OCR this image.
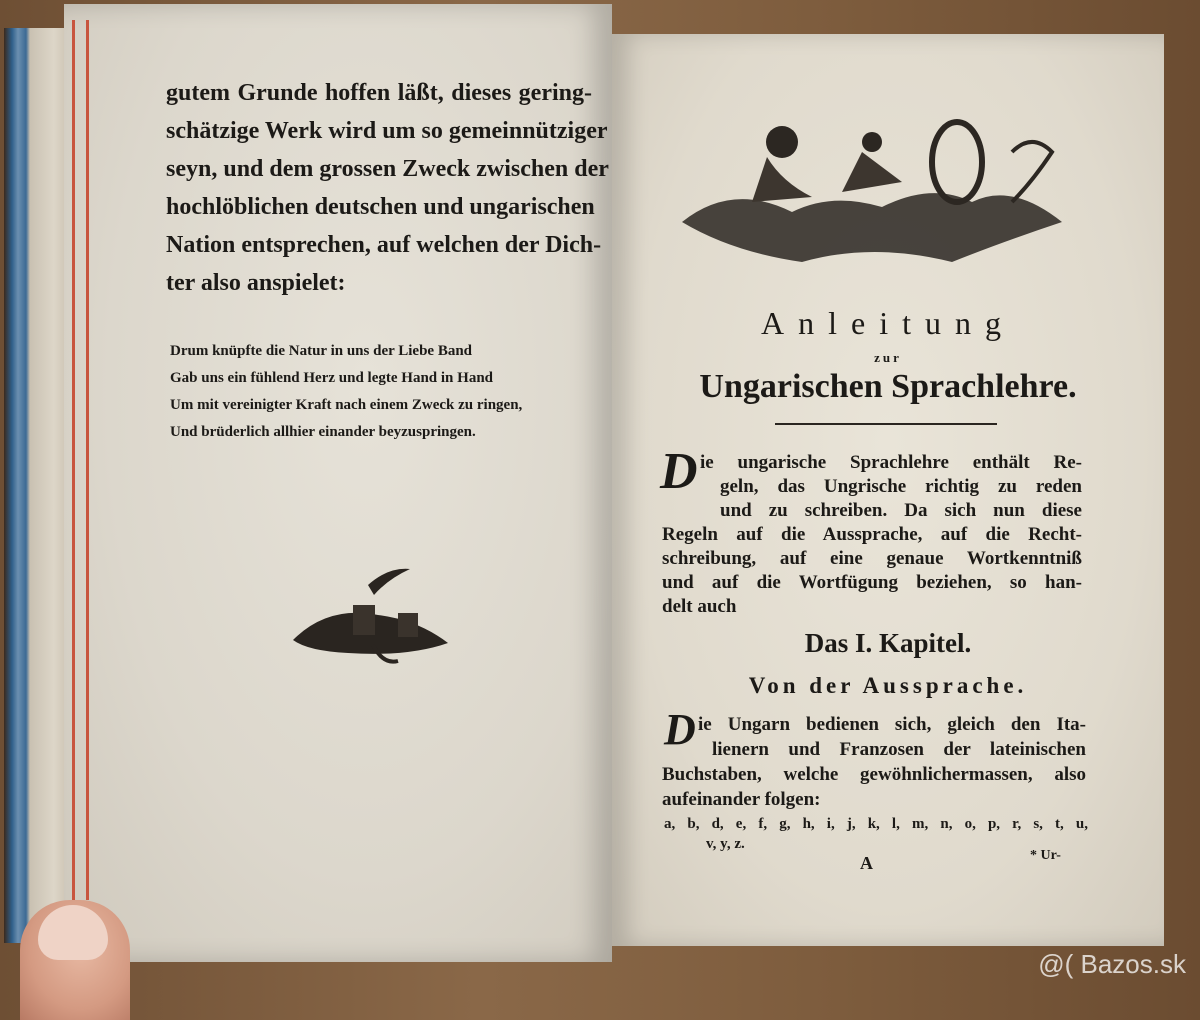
gutem Grunde hoffen läßt, dieses gering-
schätzige Werk wird um so gemeinnütziger
seyn, und dem grossen Zweck zwischen der
hochlöblichen deutschen und ungarischen
Nation entsprechen, auf welchen der Dich-
ter also anspielet:
Drum knüpfte die Natur in uns der Liebe Band
Gab uns ein fühlend Herz und legte Hand in Hand
Um mit vereinigter Kraft nach einem Zweck zu ringen,
Und brüderlich allhier einander beyzuspringen.
Anleitung
zur
Ungarischen Sprachlehre.
D ie ungarische Sprachlehre enthält Re-
geln, das Ungrische richtig zu reden
und zu schreiben. Da sich nun diese
Regeln auf die Aussprache, auf die Recht-
schreibung, auf eine genaue Wortkenntniß
und auf die Wortfügung beziehen, so han-
delt auch
Das I. Kapitel.
Von der Aussprache.
D ie Ungarn bedienen sich, gleich den Ita-
lienern und Franzosen der lateinischen
Buchstaben, welche gewöhnlichermassen, also
aufeinander folgen:
a, b, d, e, f, g, h, i, j, k, l, m, n, o, p, r, s, t, u,
v, y, z.
A	* Ur-
@( Bazos.sk
